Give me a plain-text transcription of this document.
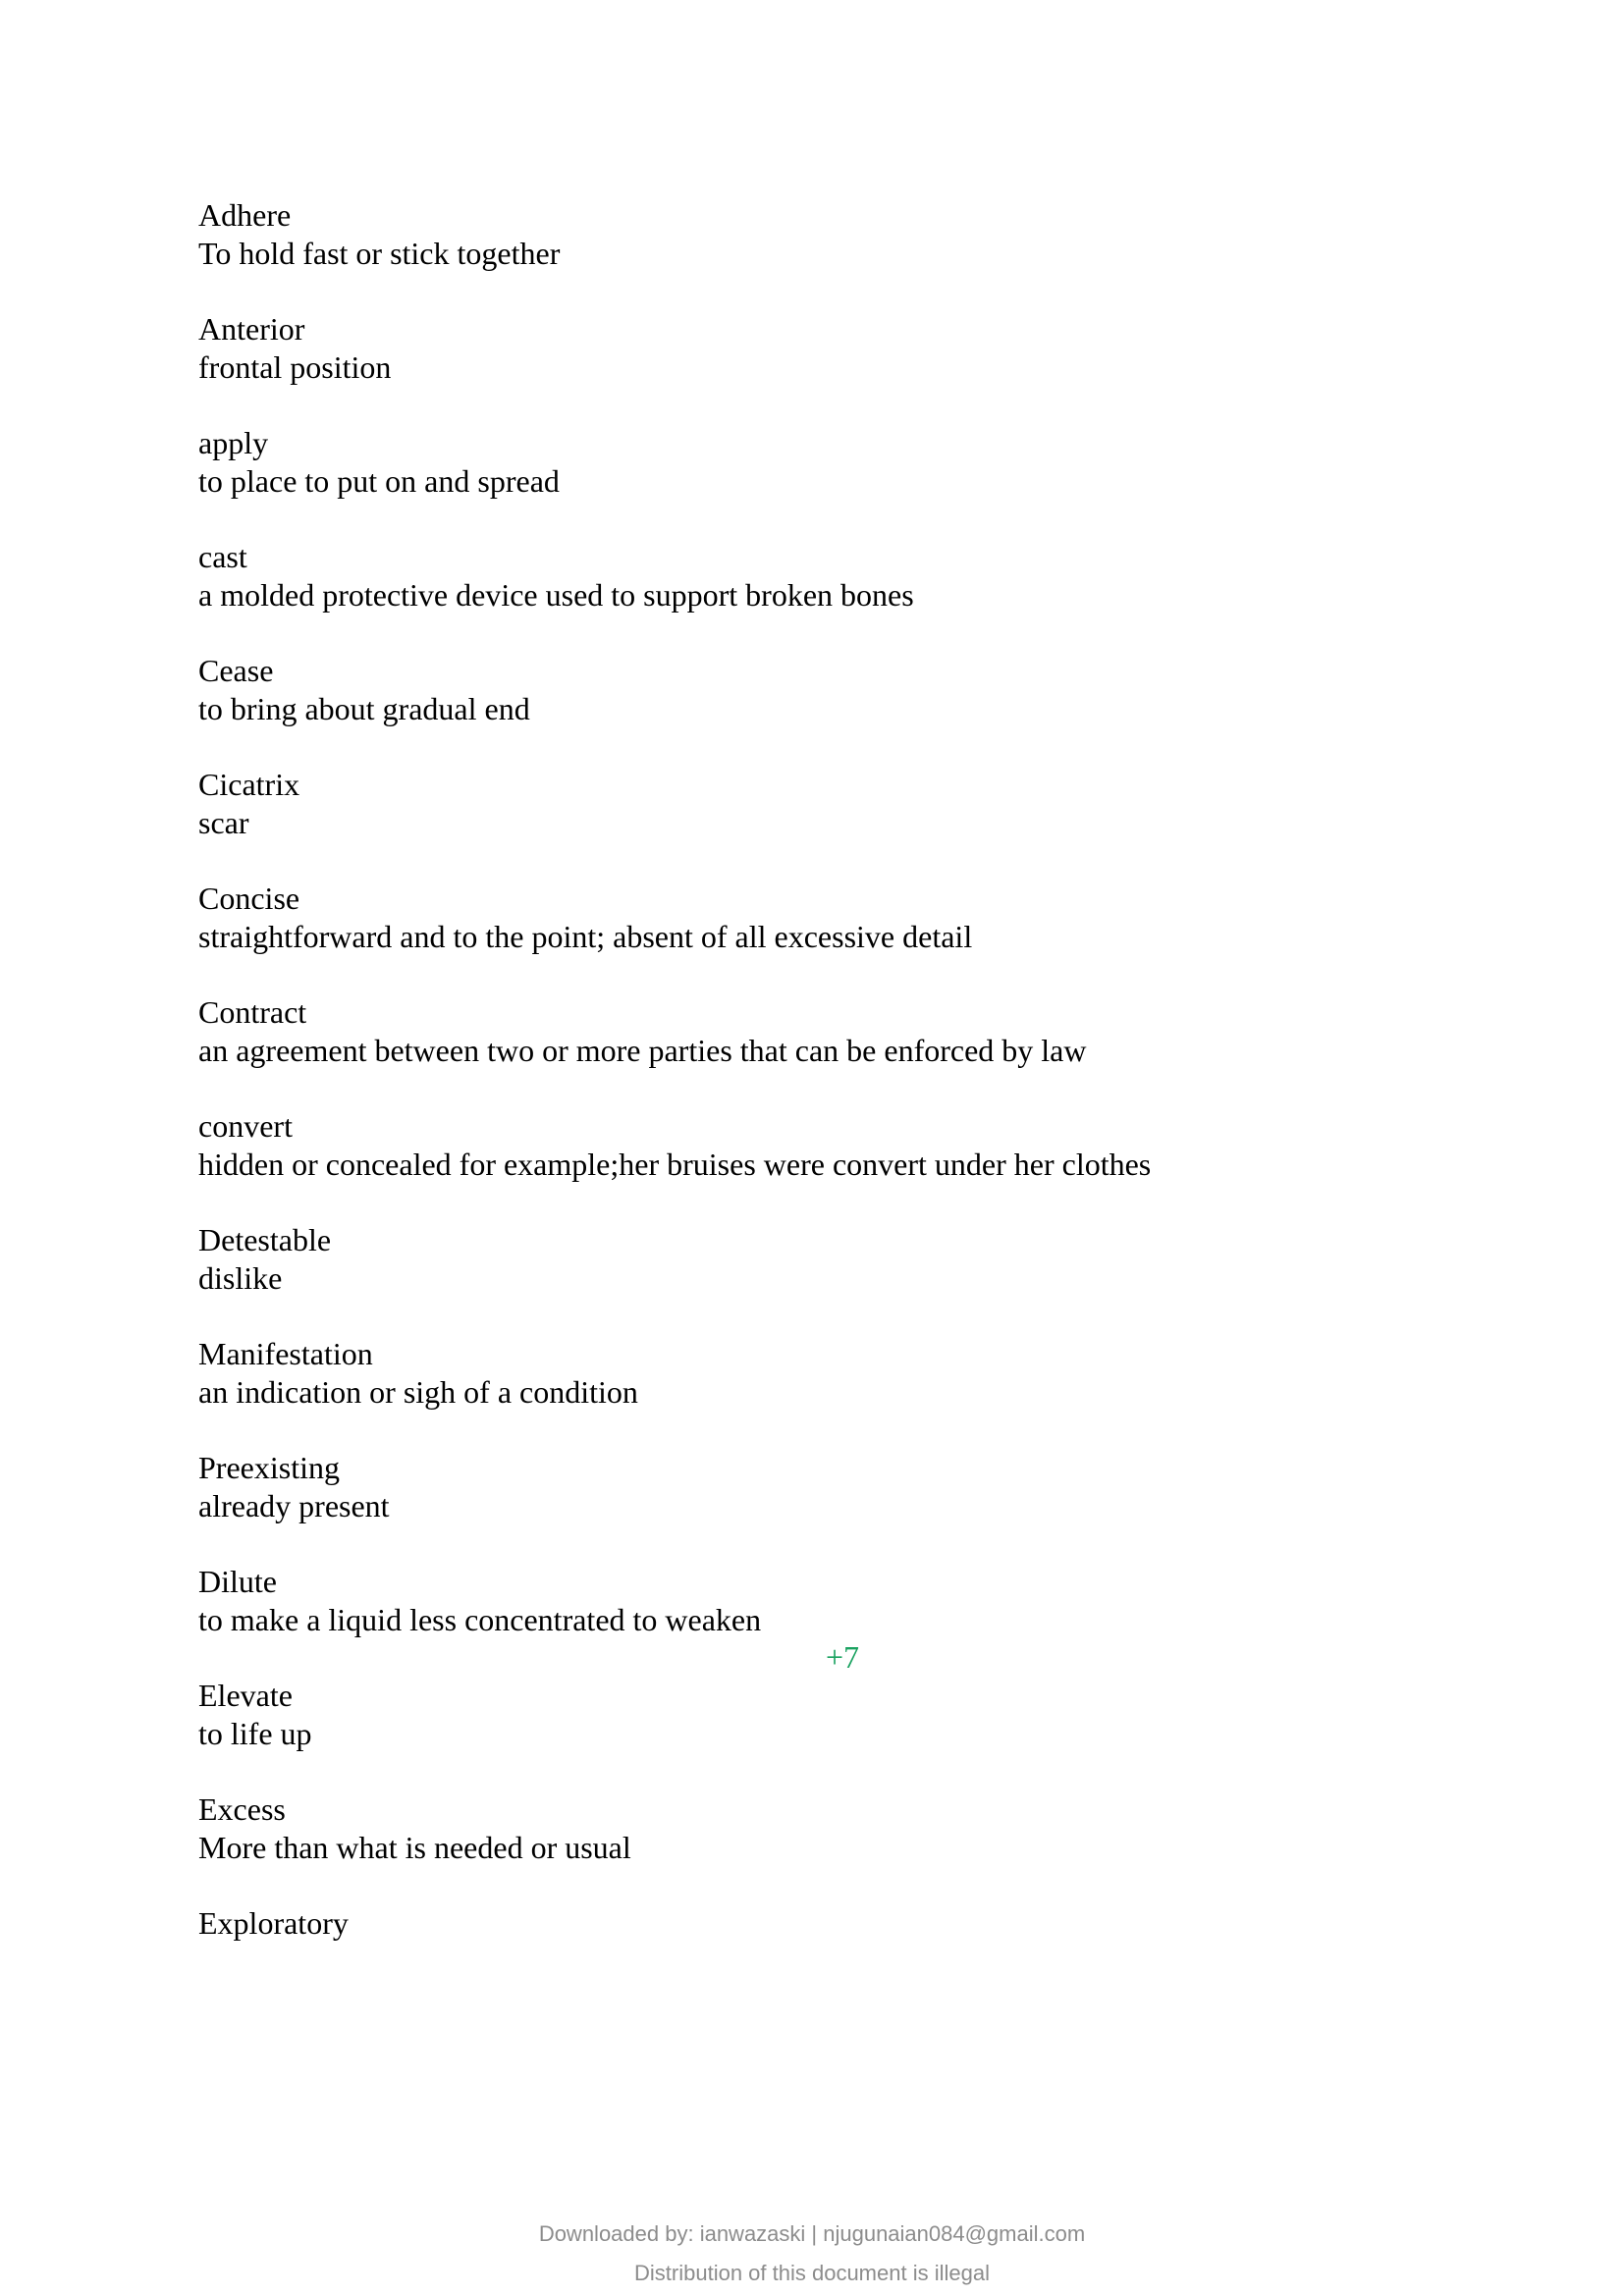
Adhere
To hold fast or stick together
Anterior
frontal position
apply
to place to put on and spread
cast
a molded protective device used to support broken bones
Cease
to bring about gradual end
Cicatrix
scar
Concise
straightforward and to the point; absent of all excessive detail
Contract
an agreement between two or more parties that can be enforced by law
convert
hidden or concealed for example;her bruises were convert under her clothes
Detestable
dislike
Manifestation
an indication or sigh of a condition
Preexisting
already present
Dilute
to make a liquid less concentrated to weaken
Elevate
to life up
Excess
More than what is needed or usual
Exploratory
+7
Downloaded by: ianwazaski | njugunaian084@gmail.com
Distribution of this document is illegal
